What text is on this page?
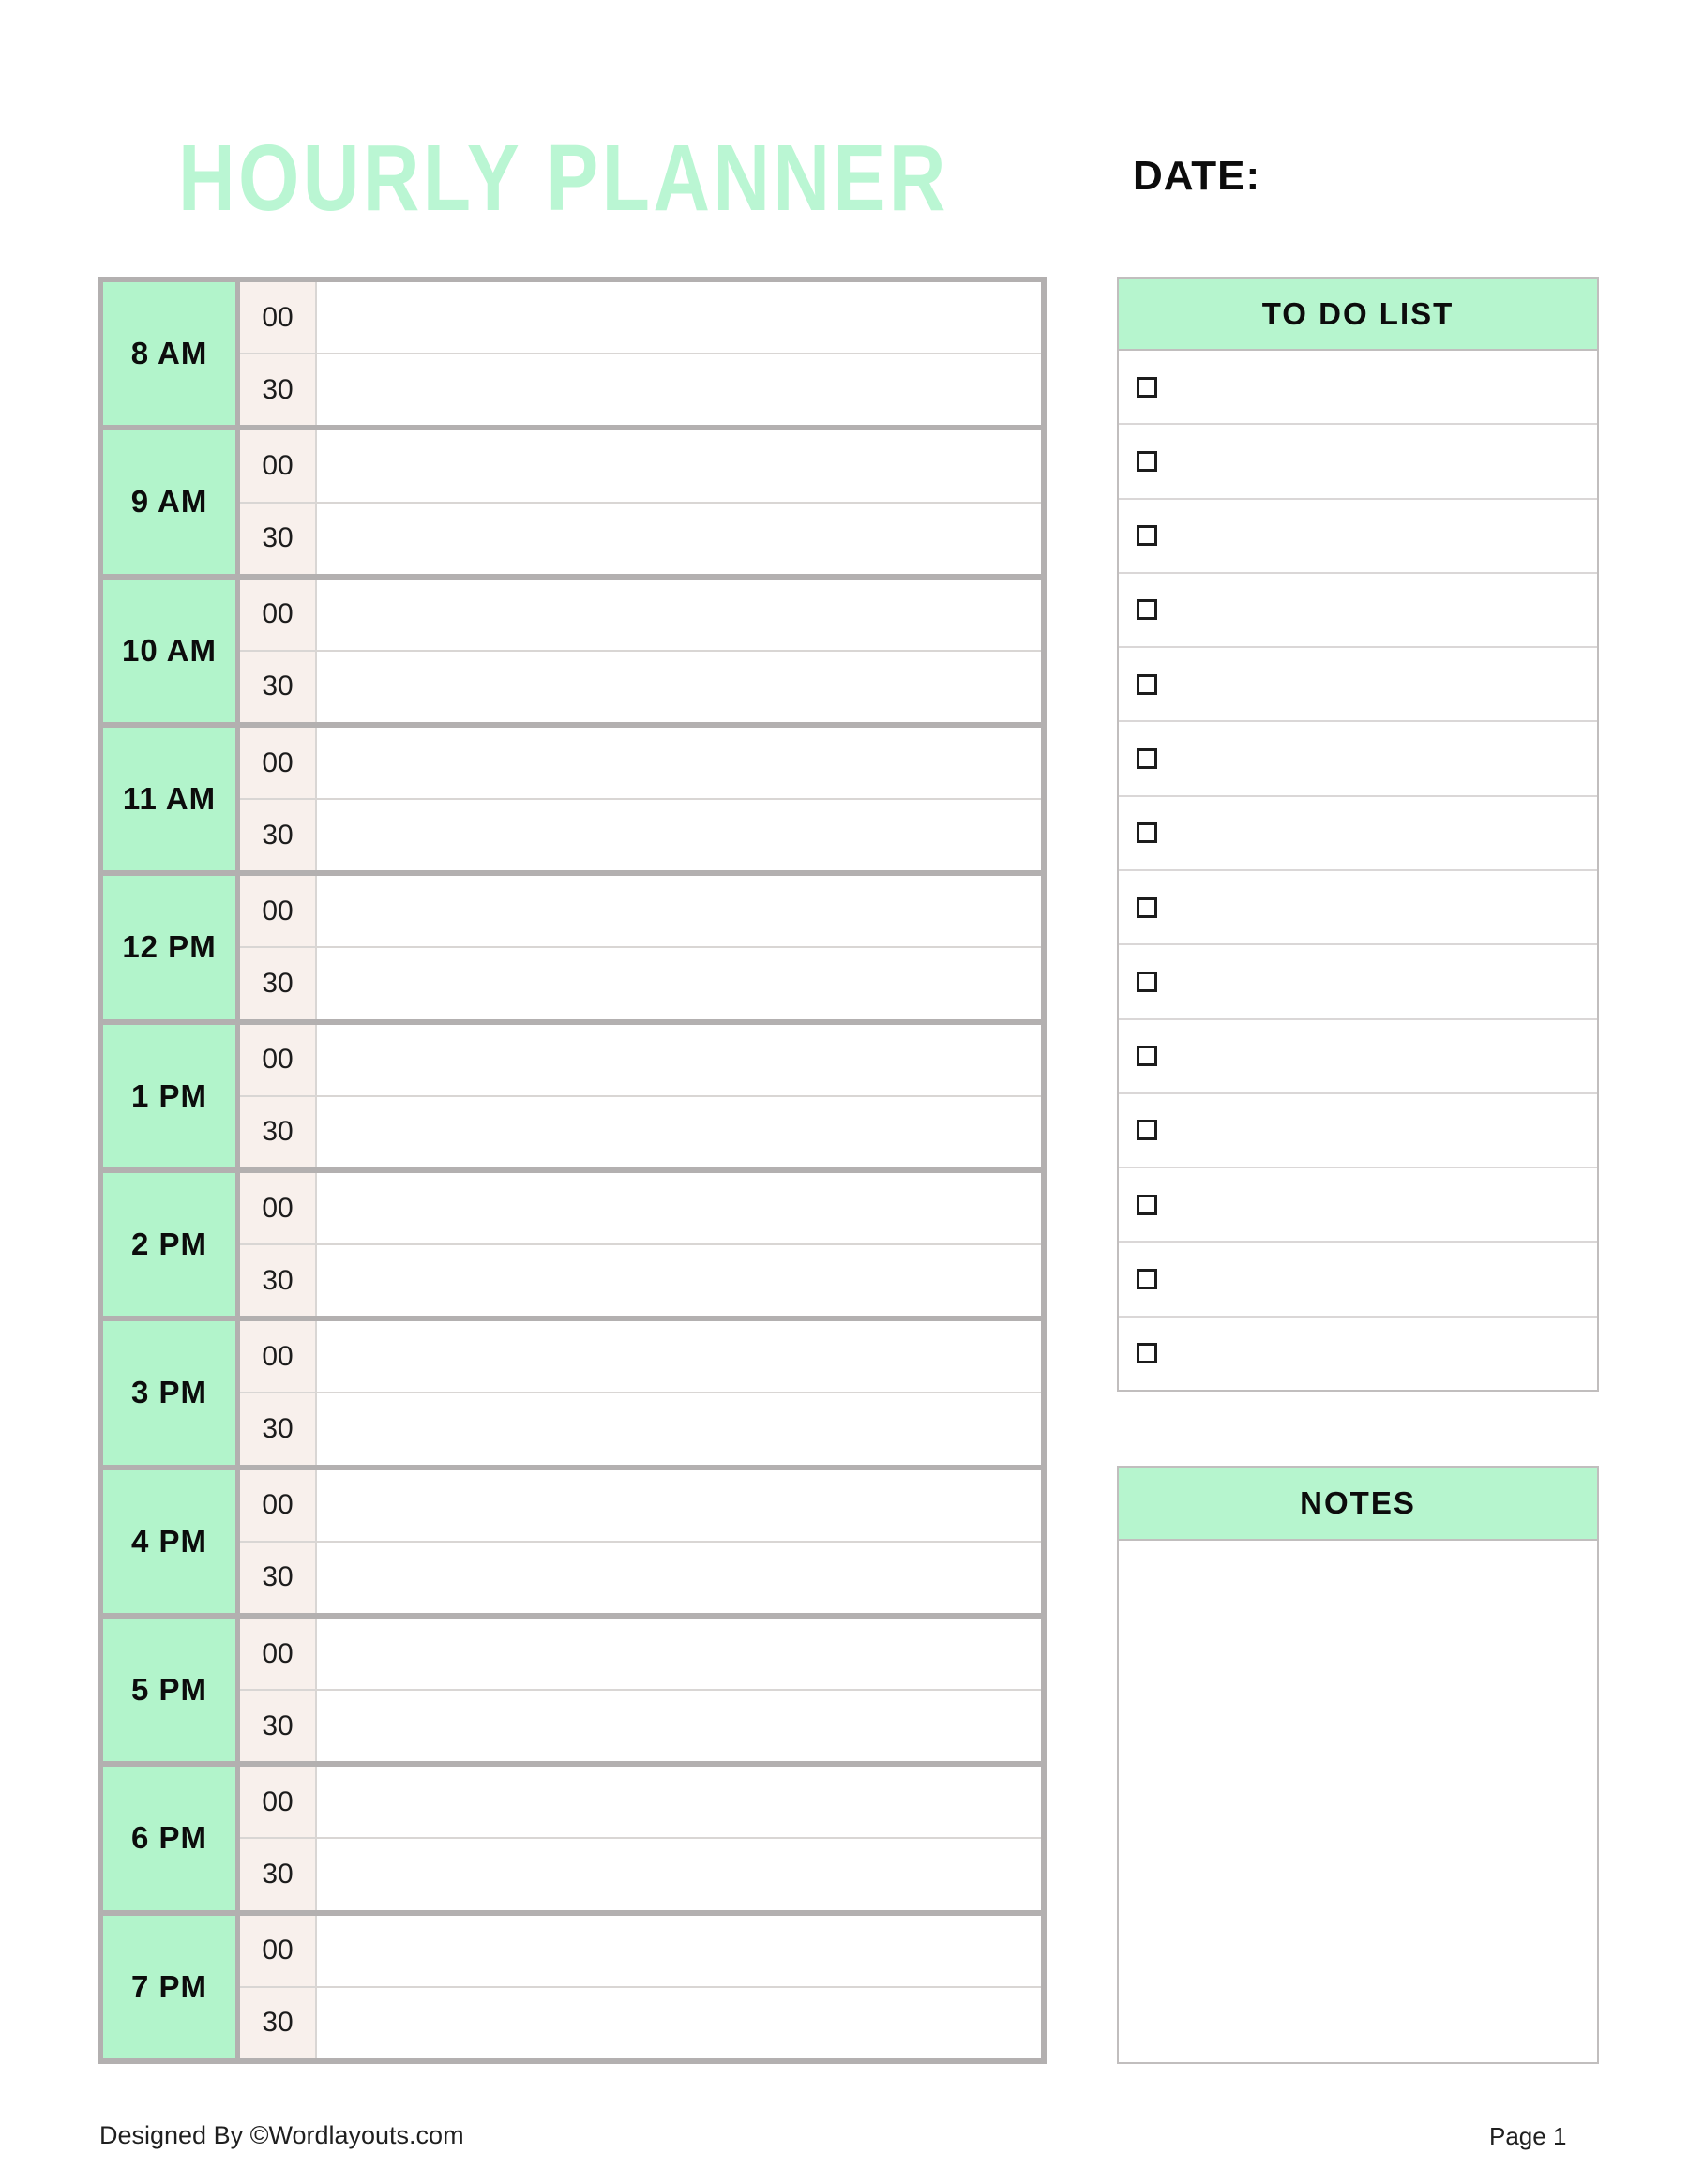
HOURLY PLANNER	DATE:
8 AM
00
30
9 AM
00
30
10 AM
00
30
11 AM
00
30
12 PM
00
30
1 PM
00
30
2 PM
00
30
3 PM
00
30
4 PM
00
30
5 PM
00
30
6 PM
00
30
7 PM
00
30
TO DO LIST
NOTES
Designed By ©Wordlayouts.com	Page 1
